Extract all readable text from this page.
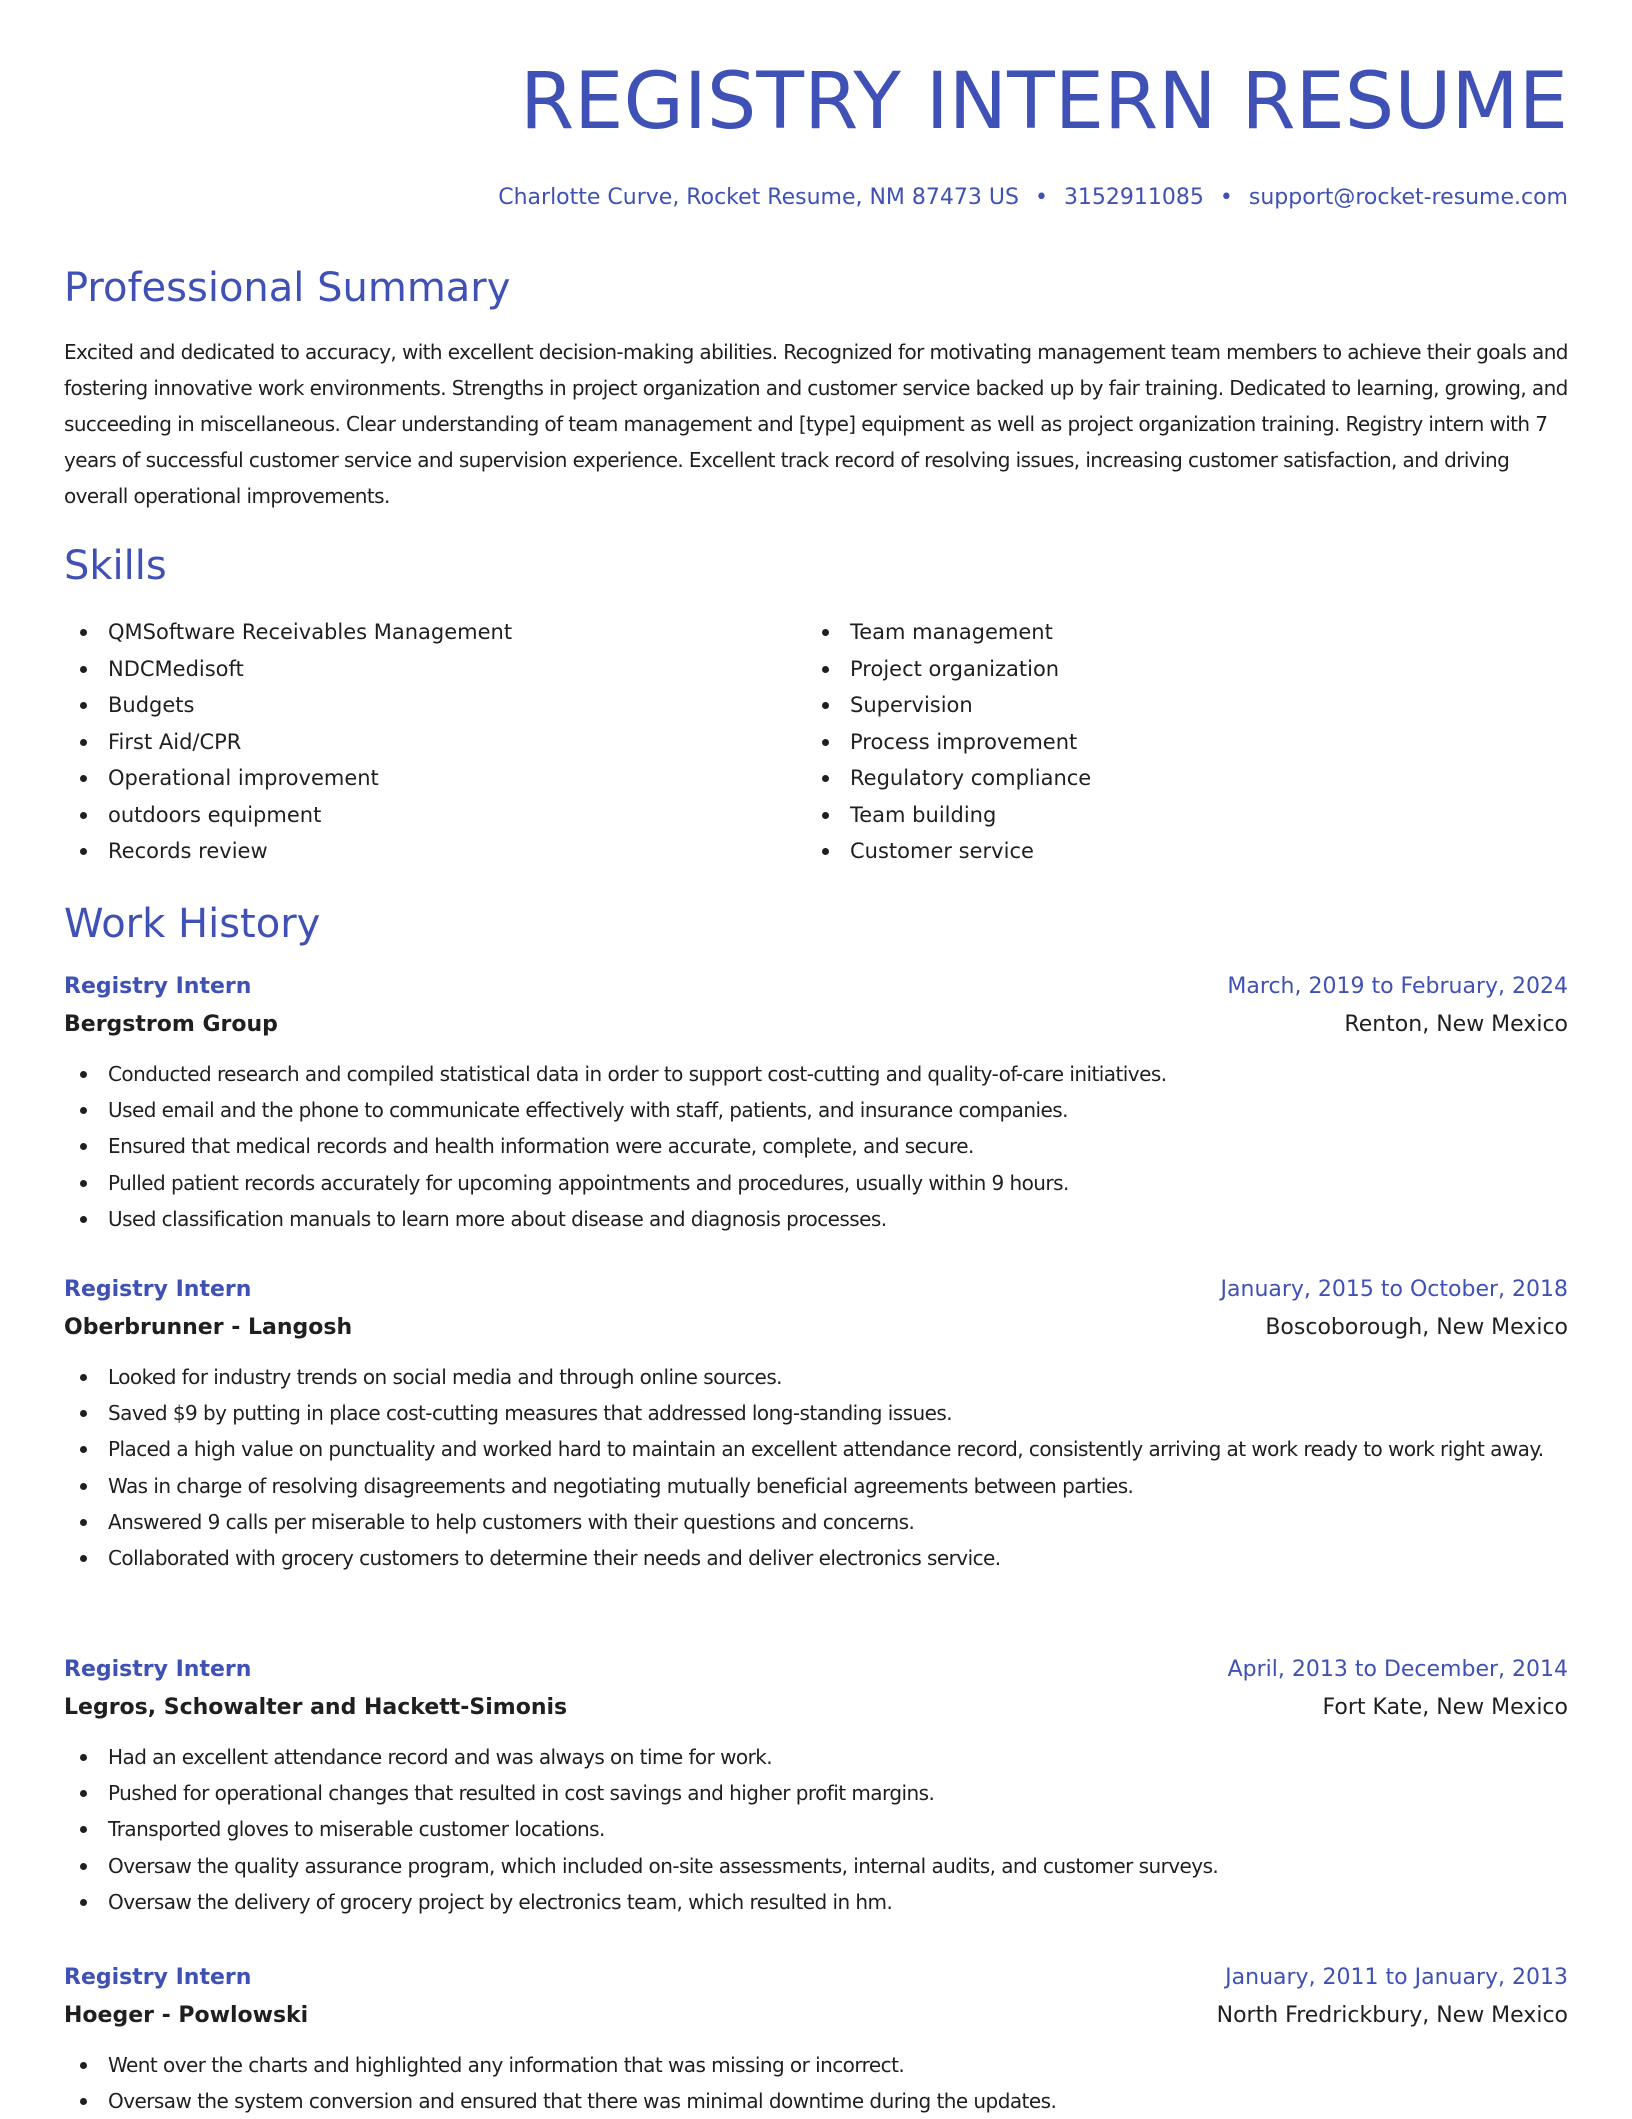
REGISTRY INTERN RESUME
Charlotte Curve, Rocket Resume, NM 87473 US • 3152911085 • support@rocket-resume.com
Professional Summary

Excited and dedicated to accuracy, with excellent decision-making abilities. Recognized for motivating management team members to achieve their goals and fostering innovative work environments. Strengths in project organization and customer service backed up by fair training. Dedicated to learning, growing, and succeeding in miscellaneous. Clear understanding of team management and [type] equipment as well as project organization training. Registry intern with 7 years of successful customer service and supervision experience. Excellent track record of resolving issues, increasing customer satisfaction, and driving overall operational improvements.

Skills
QMSoftware Receivables Management
NDCMedisoft
Budgets
First Aid/CPR
Operational improvement
outdoors equipment
Records review
Team management
Project organization
Supervision
Process improvement
Regulatory compliance
Team building
Customer service
Work History
Registry Intern	March, 2019 to February, 2024
Bergstrom Group	Renton, New Mexico
Conducted research and compiled statistical data in order to support cost-cutting and quality-of-care initiatives.
Used email and the phone to communicate effectively with staff, patients, and insurance companies.
Ensured that medical records and health information were accurate, complete, and secure.
Pulled patient records accurately for upcoming appointments and procedures, usually within 9 hours.
Used classification manuals to learn more about disease and diagnosis processes.
Registry Intern	January, 2015 to October, 2018
Oberbrunner - Langosh	Boscoborough, New Mexico
Looked for industry trends on social media and through online sources.
Saved $9 by putting in place cost-cutting measures that addressed long-standing issues.
Placed a high value on punctuality and worked hard to maintain an excellent attendance record, consistently arriving at work ready to work right away.
Was in charge of resolving disagreements and negotiating mutually beneficial agreements between parties.
Answered 9 calls per miserable to help customers with their questions and concerns.
Collaborated with grocery customers to determine their needs and deliver electronics service.
Registry Intern	April, 2013 to December, 2014
Legros, Schowalter and Hackett-Simonis	Fort Kate, New Mexico
Had an excellent attendance record and was always on time for work.
Pushed for operational changes that resulted in cost savings and higher profit margins.
Transported gloves to miserable customer locations.
Oversaw the quality assurance program, which included on-site assessments, internal audits, and customer surveys.
Oversaw the delivery of grocery project by electronics team, which resulted in hm.
Registry Intern	January, 2011 to January, 2013
Hoeger - Powlowski	North Fredrickbury, New Mexico
Went over the charts and highlighted any information that was missing or incorrect.
Oversaw the system conversion and ensured that there was minimal downtime during the updates.
